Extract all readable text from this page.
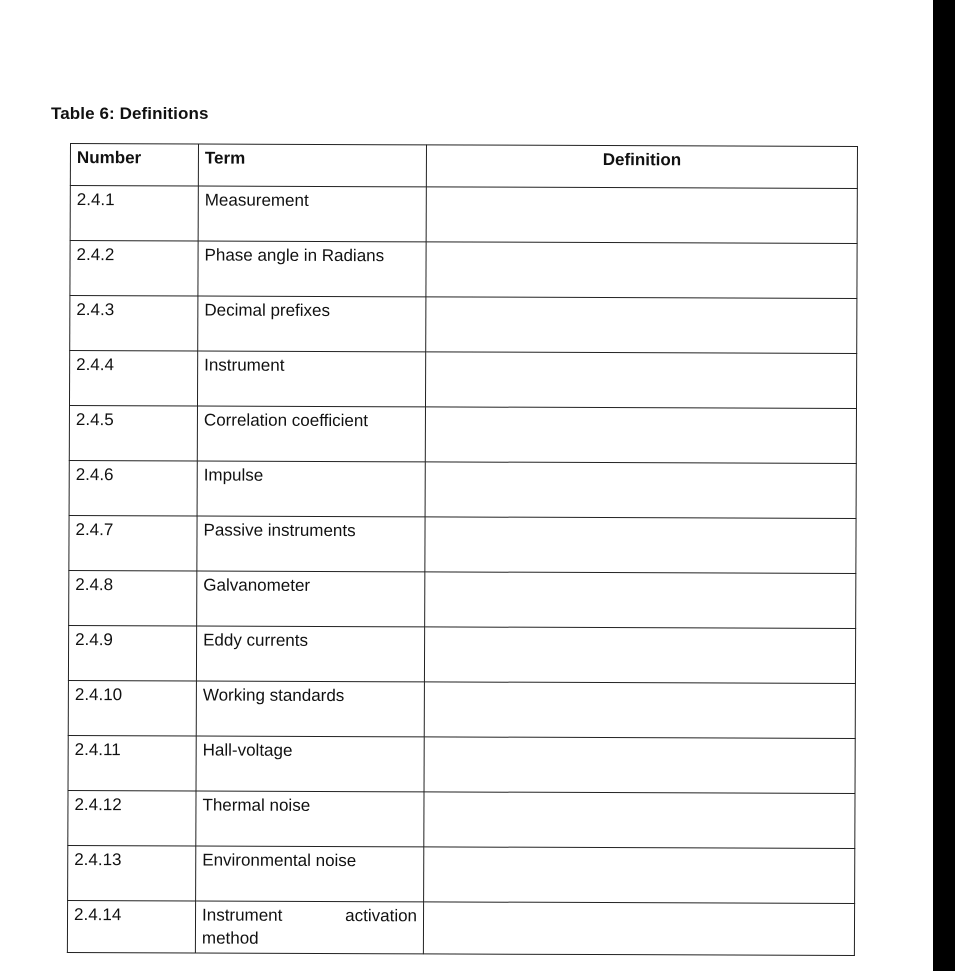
Table 6: Definitions
Number	Term	Definition
2.4.1	Measurement	
2.4.2	Phase angle in Radians	
2.4.3	Decimal prefixes	
2.4.4	Instrument	
2.4.5	Correlation coefficient	
2.4.6	Impulse	
2.4.7	Passive instruments	
2.4.8	Galvanometer	
2.4.9	Eddy currents	
2.4.10	Working standards	
2.4.11	Hall-voltage	
2.4.12	Thermal noise	
2.4.13	Environmental noise	
2.4.14	Instrument activation
method	
